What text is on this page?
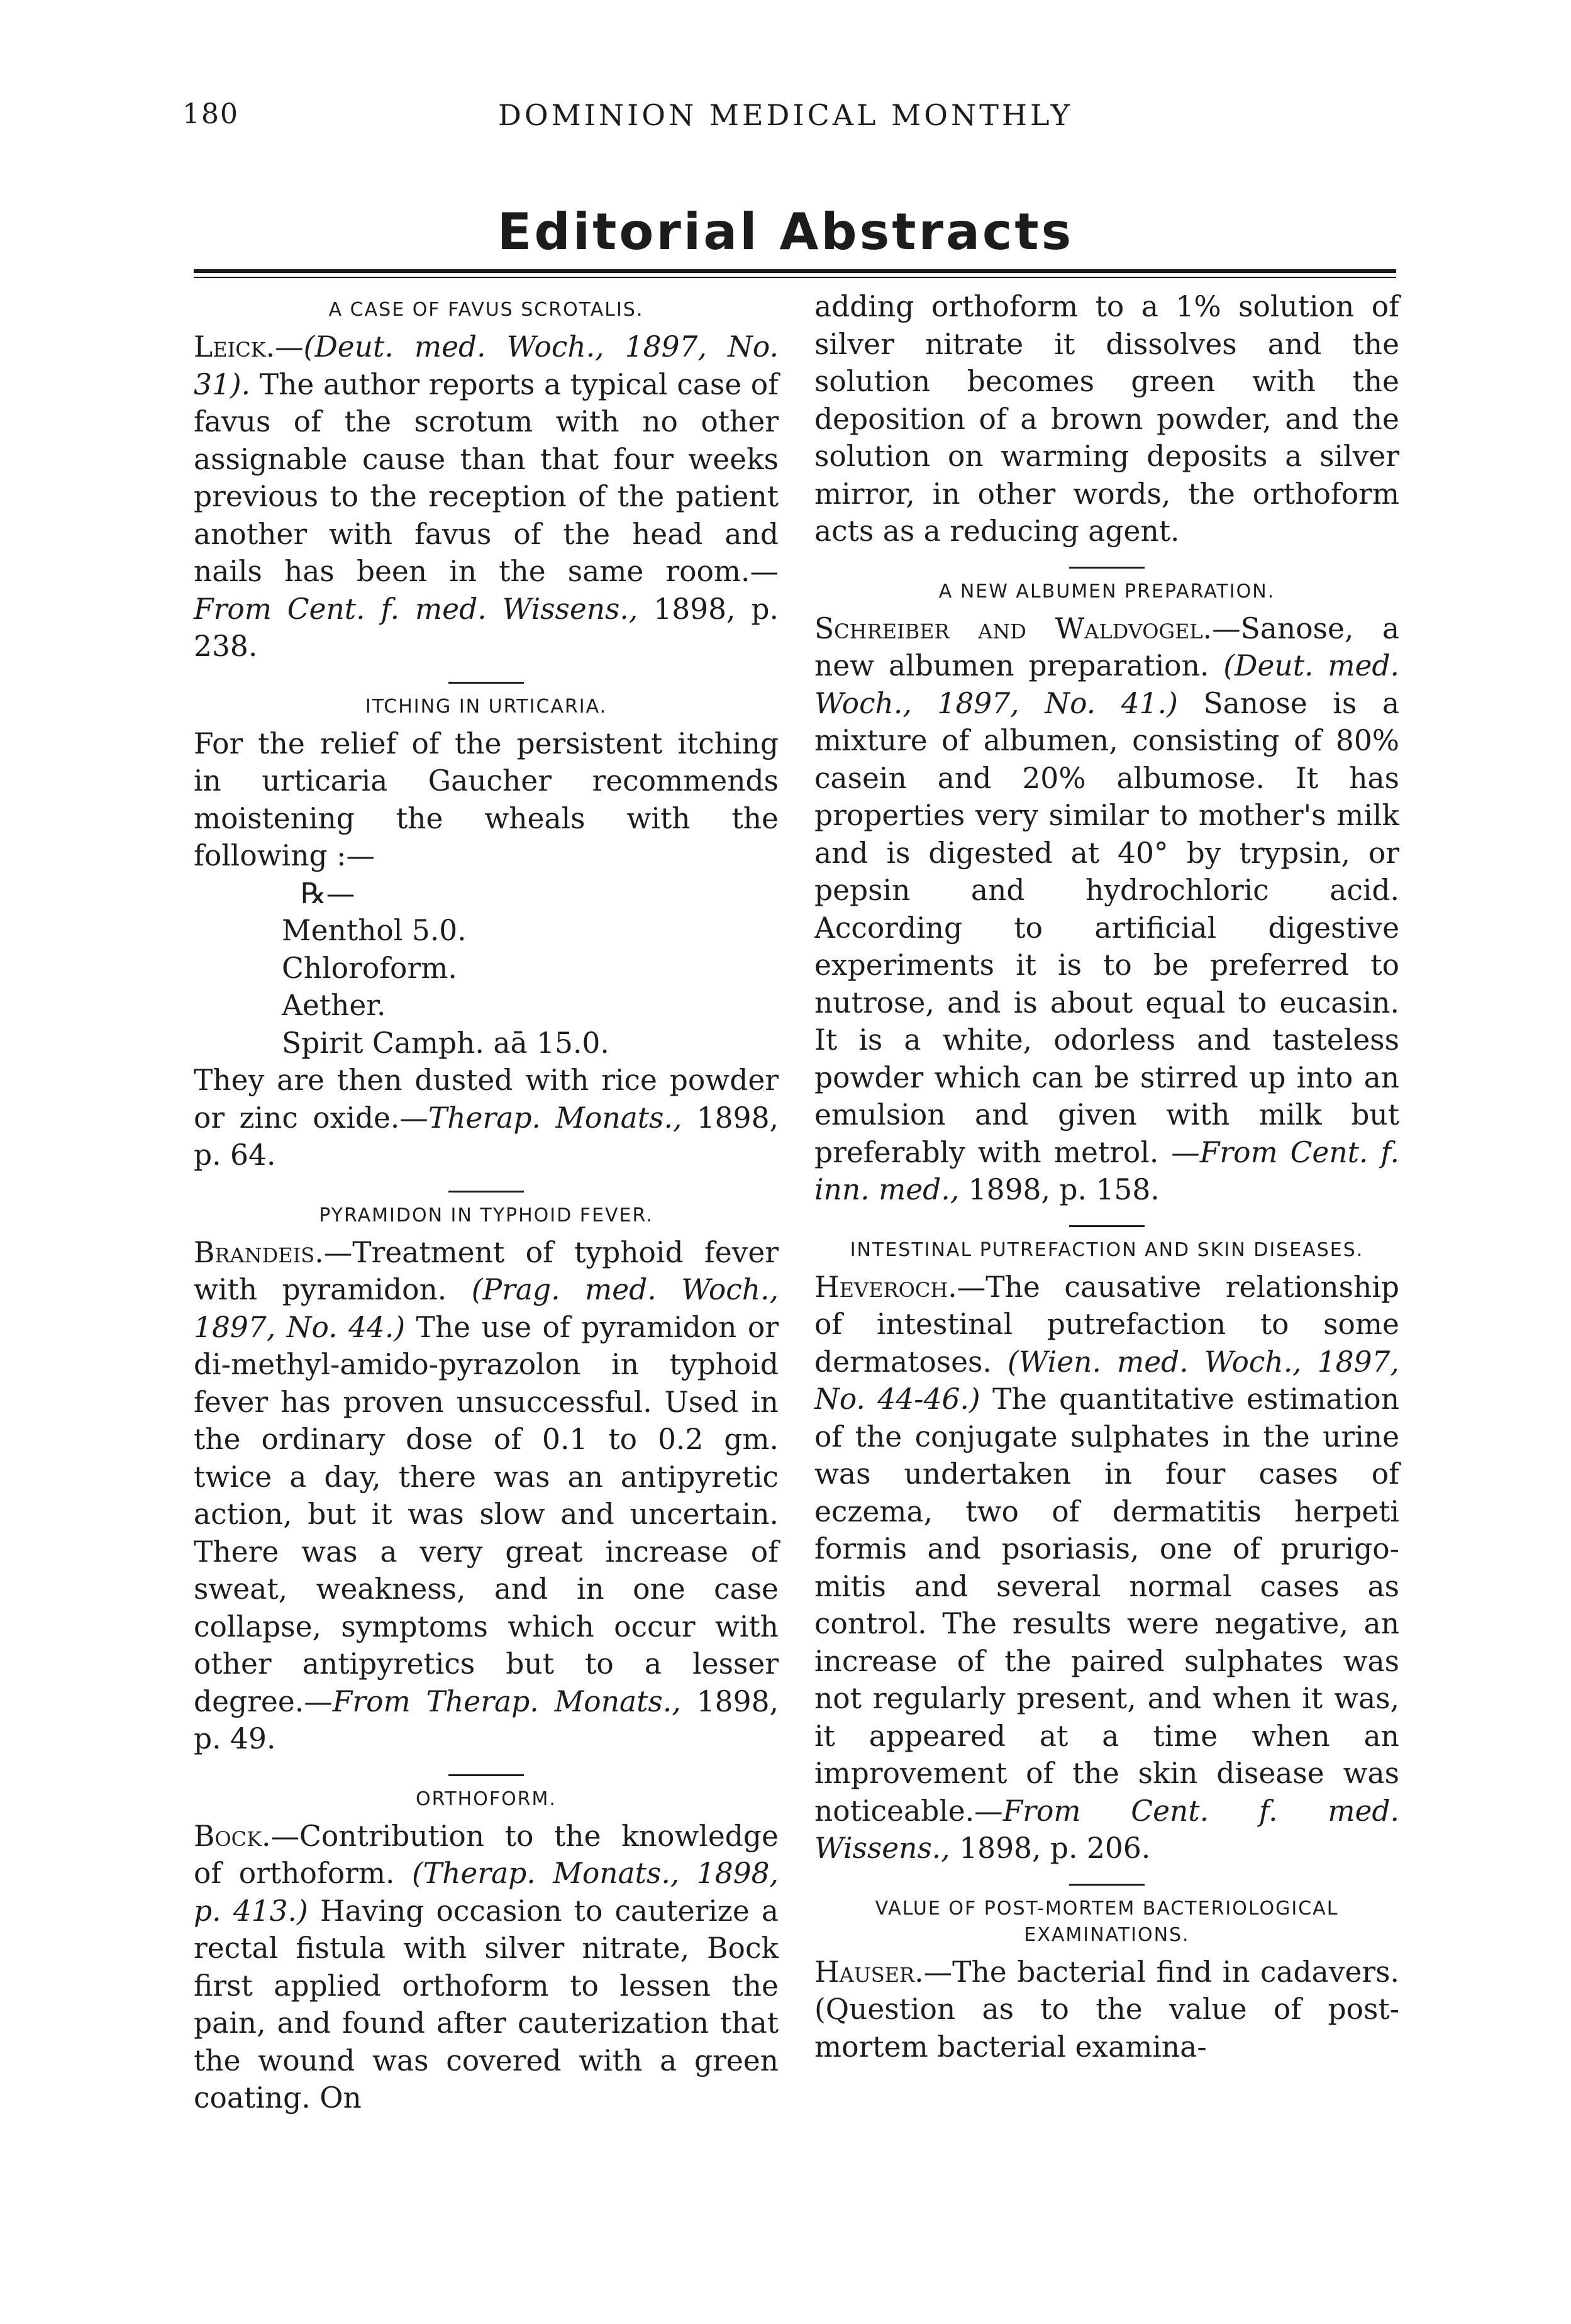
180	DOMINION MEDICAL MONTHLY
Editorial Abstracts
A CASE OF FAVUS SCROTALIS.

Leick.—(Deut. med. Woch., 1897, No. 31). The author reports a typical case of favus of the scrotum with no other assignable cause than that four weeks previous to the reception of the patient another with favus of the head and nails has been in the same room.—From Cent. f. med. Wissens., 1898, p. 238.

ITCHING IN URTICARIA.

For the relief of the persistent itching in urticaria Gaucher recommends moistening the wheals with the following :—

℞—

Menthol 5.0.

Chloroform.

Aether.

Spirit Camph. aā 15.0.

They are then dusted with rice powder or zinc oxide.—Therap. Monats., 1898, p. 64.

PYRAMIDON IN TYPHOID FEVER.

Brandeis.—Treatment of typhoid fever with pyramidon. (Prag. med. Woch., 1897, No. 44.) The use of pyramidon or di-methyl-amido-pyrazolon in typhoid fever has proven unsuccessful. Used in the ordinary dose of 0.1 to 0.2 gm. twice a day, there was an antipyretic action, but it was slow and uncertain. There was a very great increase of sweat, weakness, and in one case collapse, symptoms which occur with other antipyretics but to a lesser degree.—From Therap. Monats., 1898, p. 49.

ORTHOFORM.

Bock.—Contribution to the knowledge of orthoform. (Therap. Monats., 1898, p. 413.) Having occasion to cauterize a rectal fistula with silver nitrate, Bock first applied orthoform to lessen the pain, and found after cauterization that the wound was covered with a green coating. On

adding orthoform to a 1% solution of silver nitrate it dissolves and the solution becomes green with the deposition of a brown powder, and the solution on warming deposits a silver mirror, in other words, the orthoform acts as a reducing agent.

A NEW ALBUMEN PREPARATION.

Schreiber and Waldvogel.—Sanose, a new albumen preparation. (Deut. med. Woch., 1897, No. 41.) Sanose is a mixture of albumen, consisting of 80% casein and 20% albumose. It has properties very similar to mother's milk and is digested at 40° by trypsin, or pepsin and hydrochloric acid. According to artificial digestive experiments it is to be preferred to nutrose, and is about equal to eucasin. It is a white, odorless and tasteless powder which can be stirred up into an emulsion and given with milk but preferably with metrol. —From Cent. f. inn. med., 1898, p. 158.

INTESTINAL PUTREFACTION AND SKIN DISEASES.

Heveroch.—The causative relationship of intestinal putrefaction to some dermatoses. (Wien. med. Woch., 1897, No. 44-46.) The quantitative estimation of the conjugate sulphates in the urine was undertaken in four cases of eczema, two of dermatitis herpeti formis and psoriasis, one of prurigo-mitis and several normal cases as control. The results were negative, an increase of the paired sulphates was not regularly present, and when it was, it appeared at a time when an improvement of the skin disease was noticeable.—From Cent. f. med. Wissens., 1898, p. 206.

VALUE OF POST-MORTEM BACTERIOLOGICAL EXAMINATIONS.

Hauser.—The bacterial find in cadavers. (Question as to the value of post-mortem bacterial examina-
